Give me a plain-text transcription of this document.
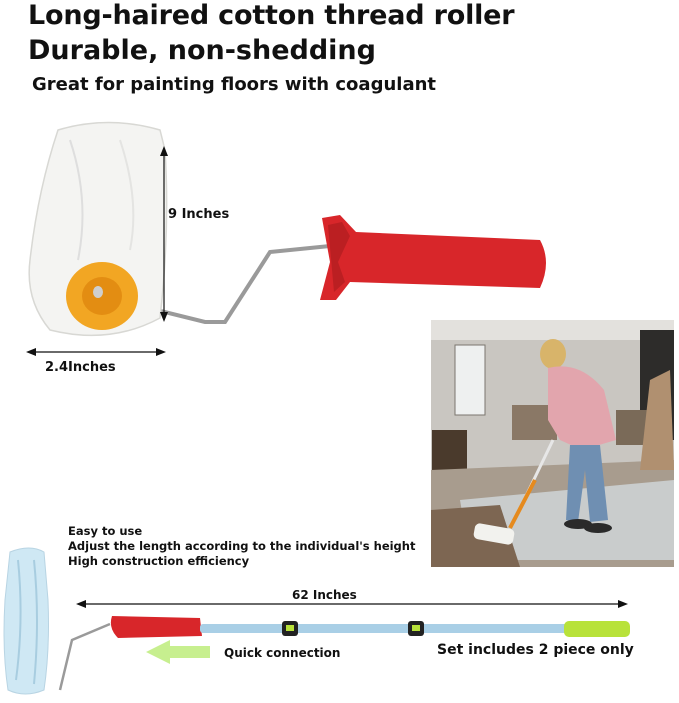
Long-haired cotton thread roller
Durable, non-shedding
Great for painting floors with coagulant
9 Inches
2.4Inches
Easy to use
Adjust the length according to the individual's height
High construction efficiency
62 Inches
Quick connection	Set includes 2 piece only
